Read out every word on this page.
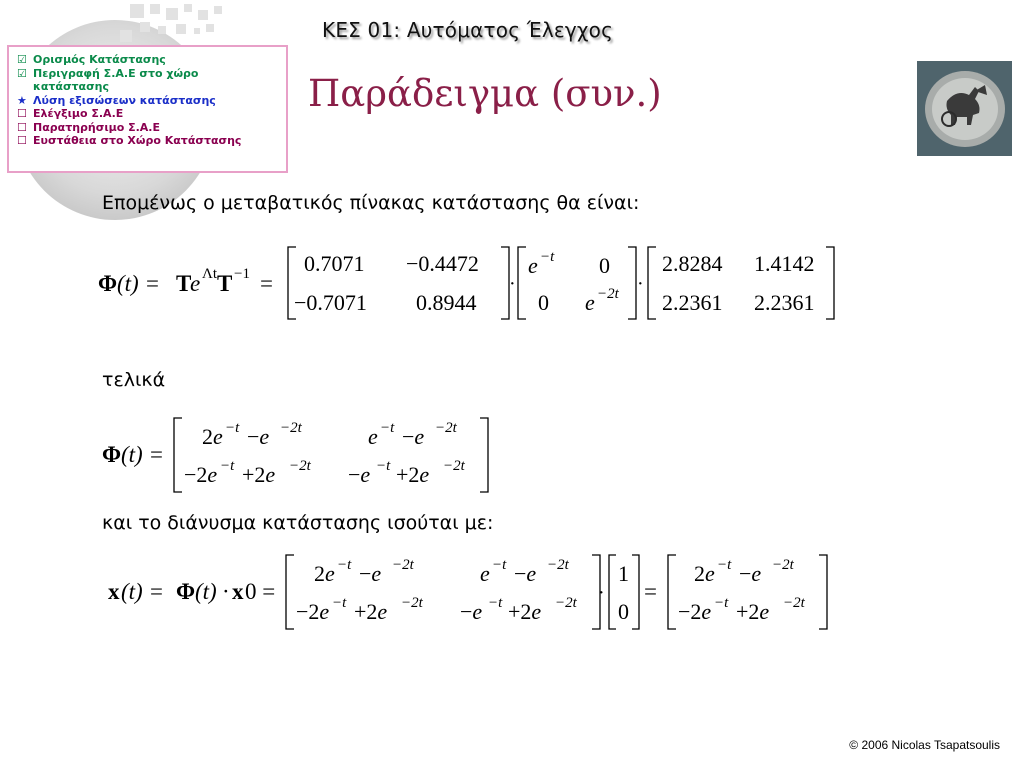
ΚΕΣ 01: Αυτόματος Έλεγχος
☑ Ορισμός Κατάστασης
☑ Περιγραφή Σ.Α.Ε στο χώρο
κατάστασης
★ Λύση εξισώσεων κατάστασης
☐ Ελέγξιμο Σ.Α.Ε
☐ Παρατηρήσιμο Σ.Α.Ε
☐ Ευστάθεια στο Χώρο Κατάστασης
Παράδειγμα (συν.)
Επομένως ο μεταβατικός πίνακας κατάστασης θα είναι:
Φ (t) = T
e Λt T −1 =
0.7071 −0.4472
−0.7071 0.8944
·
e −t 0
0 e −2t ·
2.8284 1.4142
2.2361 2.2361
τελικά
Φ (t) =
2e −t −e −2t	e −t −e −2t
−2e −t +2e −2t −e −t +2e −2t
και το διάνυσμα κατάστασης ισούται με:
x (t) = Φ (t) · x 0 =
2e −t −e −2t	e −t −e −2t
−2e −t +2e −2t −e −t +2e −2t ·
1
0
=
2e −t −e −2t
−2e −t +2e −2t
© 2006 Nicolas Tsapatsoulis
